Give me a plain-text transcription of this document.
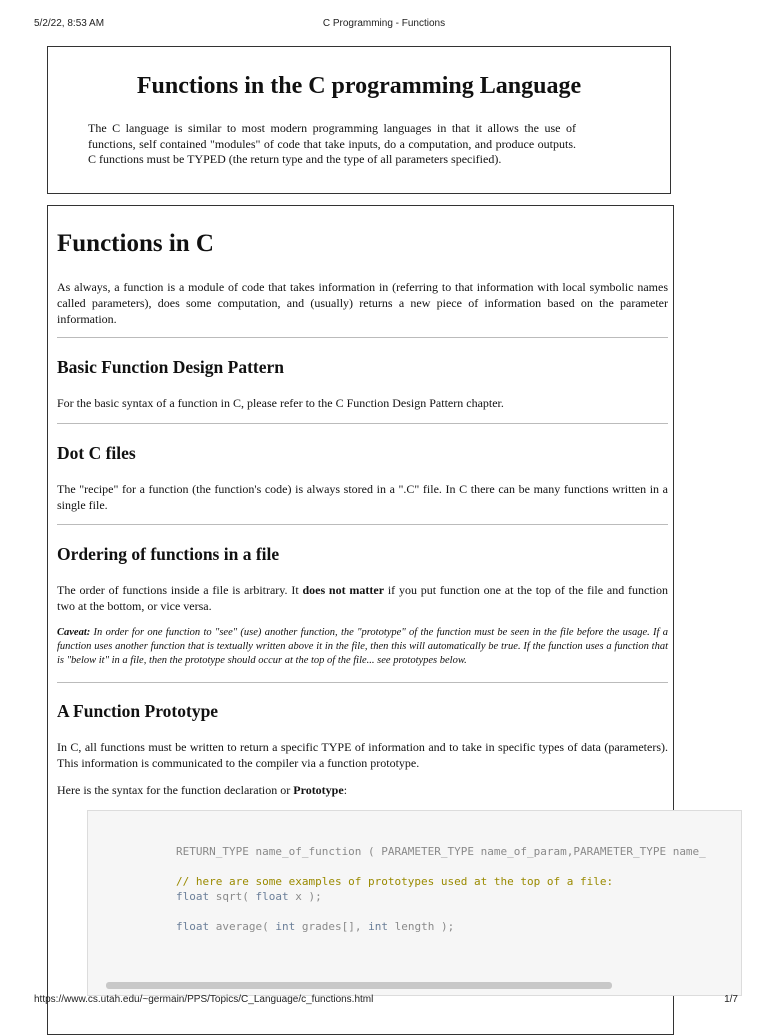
5/2/22, 8:53 AM	C Programming - Functions
Functions in the C programming Language

The C language is similar to most modern programming languages in that it allows the use of functions, self contained "modules" of code that take inputs, do a computation, and produce outputs. C functions must be TYPED (the return type and the type of all parameters specified).

Functions in C

As always, a function is a module of code that takes information in (referring to that information with local symbolic names called parameters), does some computation, and (usually) returns a new piece of information based on the parameter information.

Basic Function Design Pattern

For the basic syntax of a function in C, please refer to the C Function Design Pattern chapter.

Dot C files

The "recipe" for a function (the function's code) is always stored in a ".C" file. In C there can be many functions written in a single file.

Ordering of functions in a file

The order of functions inside a file is arbitrary. It does not matter if you put function one at the top of the file and function two at the bottom, or vice versa.

Caveat: In order for one function to "see" (use) another function, the "prototype" of the function must be seen in the file before the usage. If a function uses another function that is textually written above it in the file, then this will automatically be true. If the function uses a function that is "below it" in a file, then the prototype should occur at the top of the file... see prototypes below.

A Function Prototype

In C, all functions must be written to return a specific TYPE of information and to take in specific types of data (parameters). This information is communicated to the compiler via a function prototype.

Here is the syntax for the function declaration or Prototype:

RETURN_TYPE name_of_function ( PARAMETER_TYPE name_of_param,PARAMETER_TYPE name_
// here are some examples of prototypes used at the top of a file:
float sqrt( float x );
float average( int grades[], int length );
https://www.cs.utah.edu/~germain/PPS/Topics/C_Language/c_functions.html	1/7
